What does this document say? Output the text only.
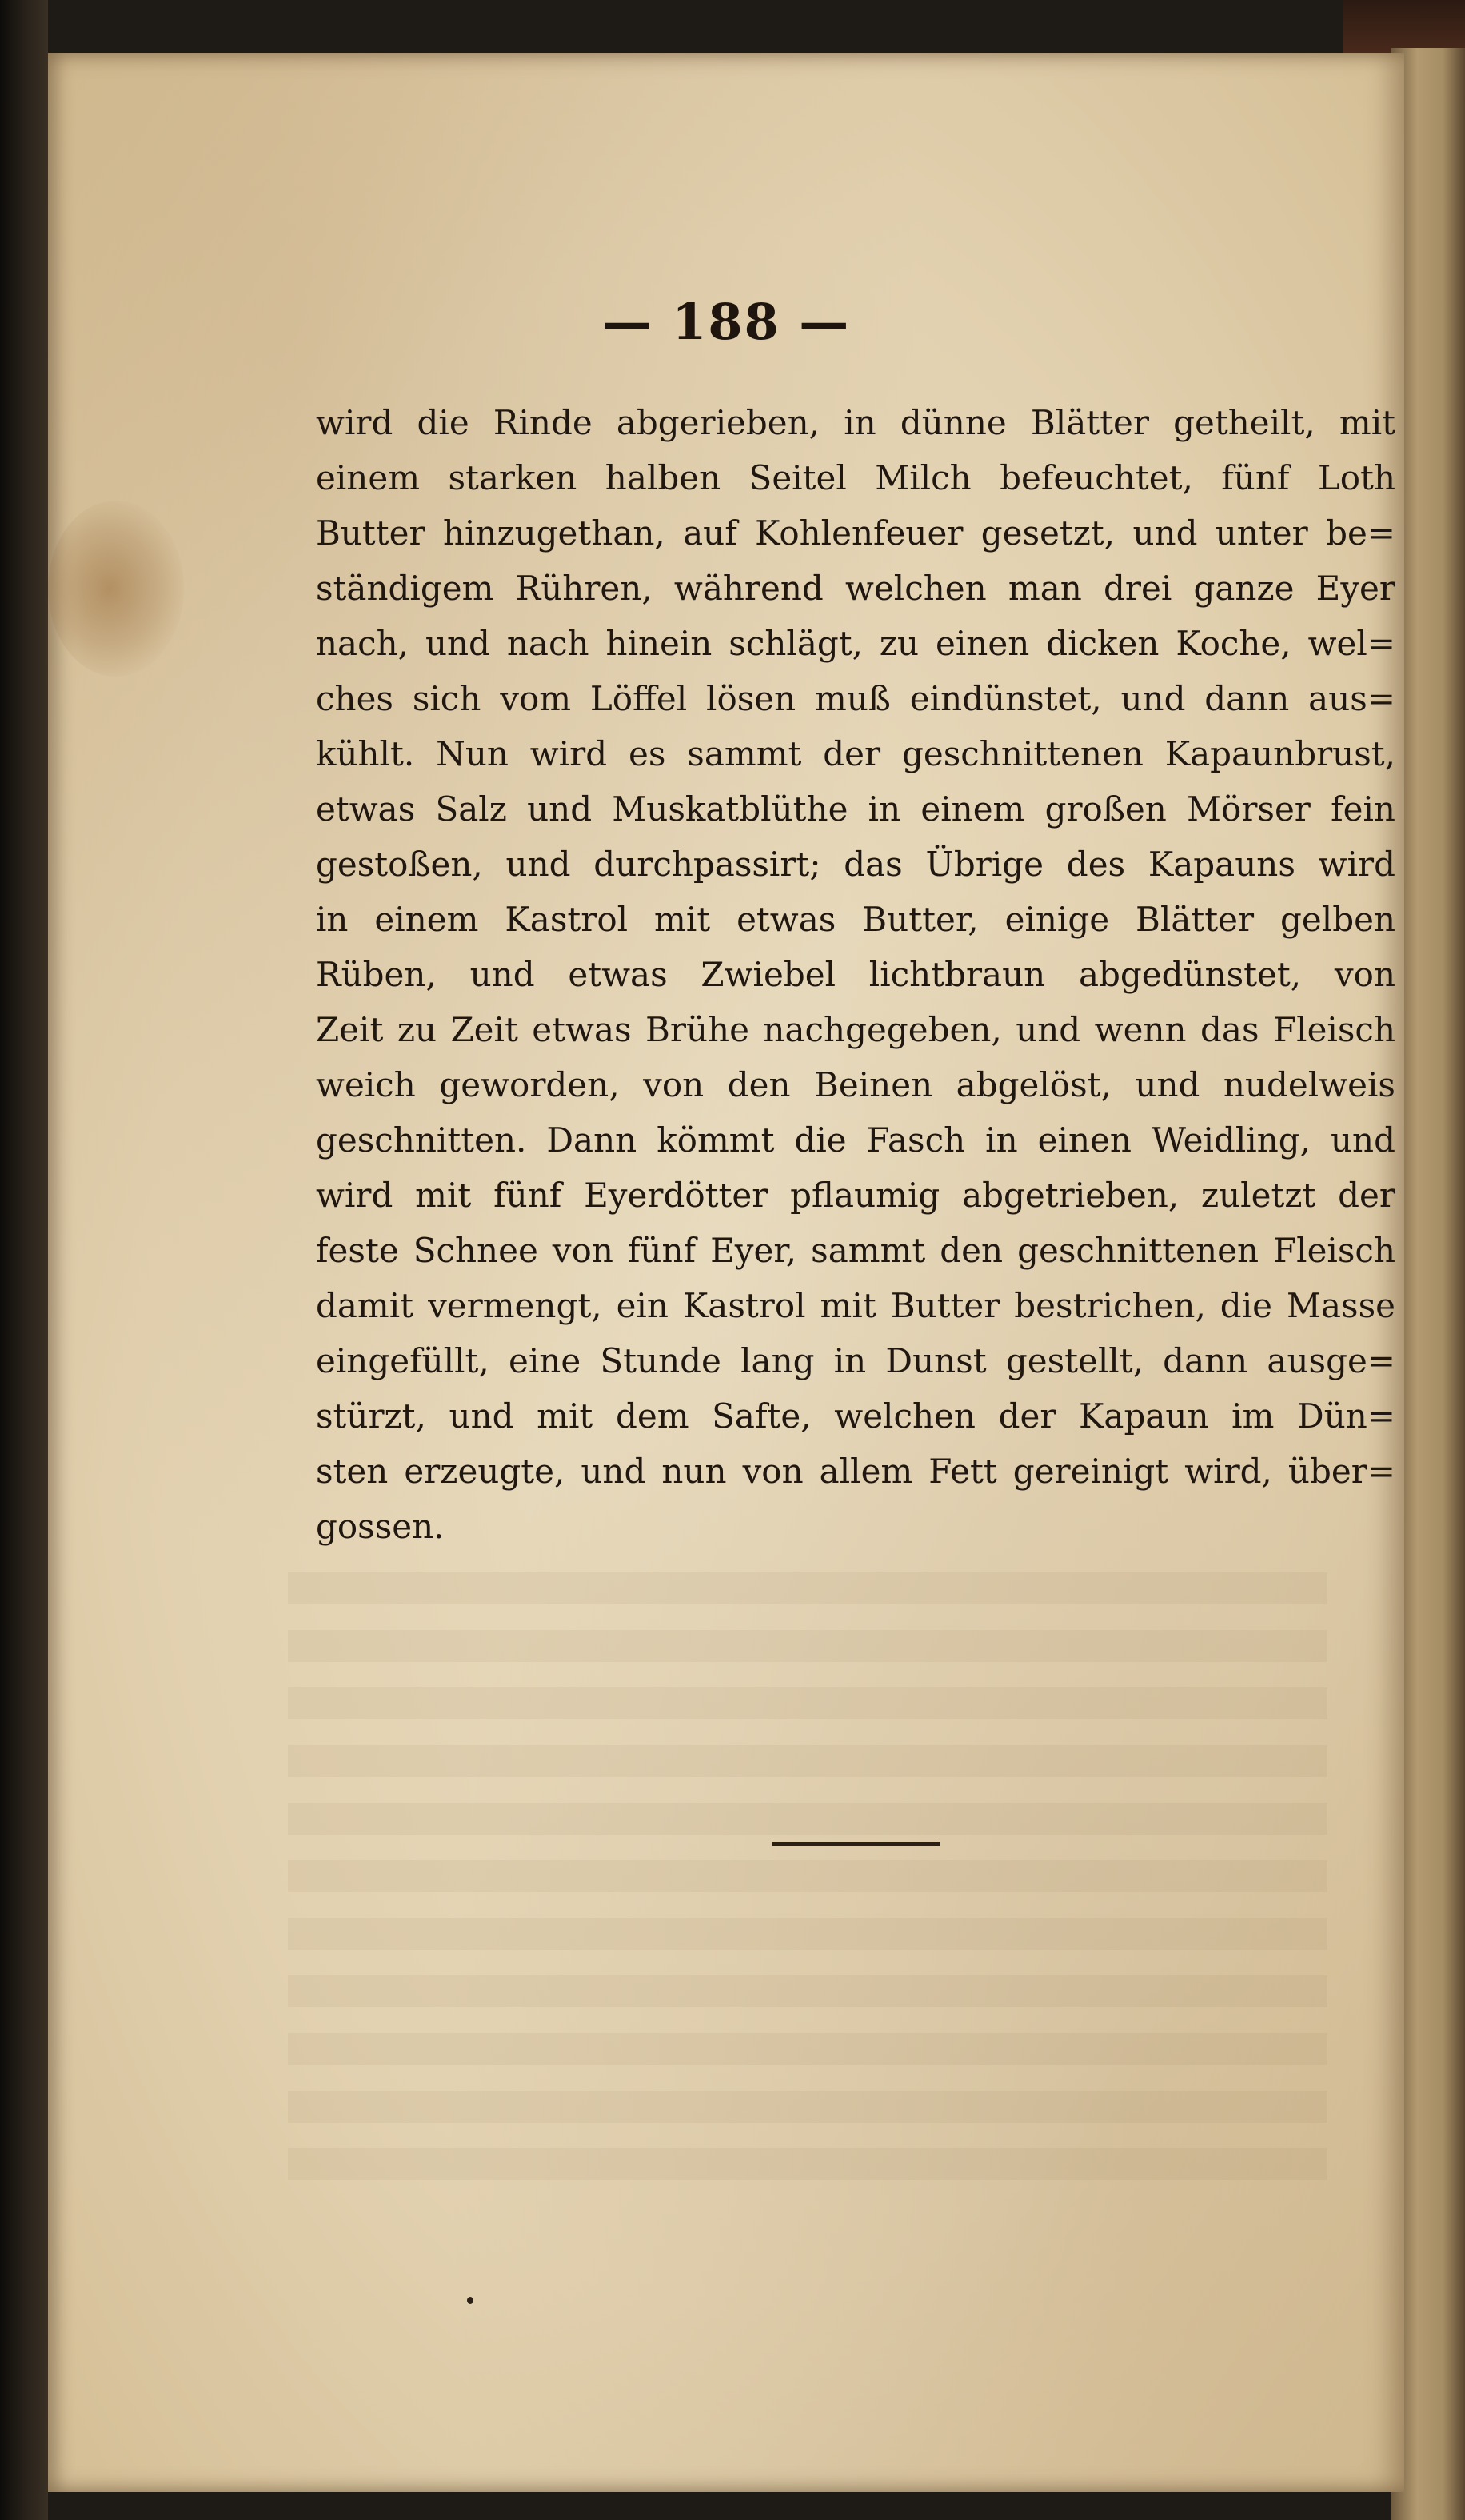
— 188 —
wird die Rinde abgerieben, in dünne Blätter getheilt, mit
einem starken halben Seitel Milch befeuchtet, fünf Loth
Butter hinzugethan, auf Kohlenfeuer gesetzt, und unter be=
ständigem Rühren, während welchen man drei ganze Eyer
nach, und nach hinein schlägt, zu einen dicken Koche, wel=
ches sich vom Löffel lösen muß eindünstet, und dann aus=
kühlt. Nun wird es sammt der geschnittenen Kapaunbrust,
etwas Salz und Muskatblüthe in einem großen Mörser fein
gestoßen, und durchpassirt; das Übrige des Kapauns wird
in einem Kastrol mit etwas Butter, einige Blätter gelben
Rüben, und etwas Zwiebel lichtbraun abgedünstet, von
Zeit zu Zeit etwas Brühe nachgegeben, und wenn das Fleisch
weich geworden, von den Beinen abgelöst, und nudelweis
geschnitten. Dann kömmt die Fasch in einen Weidling, und
wird mit fünf Eyerdötter pflaumig abgetrieben, zuletzt der
feste Schnee von fünf Eyer, sammt den geschnittenen Fleisch
damit vermengt, ein Kastrol mit Butter bestrichen, die Masse
eingefüllt, eine Stunde lang in Dunst gestellt, dann ausge=
stürzt, und mit dem Safte, welchen der Kapaun im Dün=
sten erzeugte, und nun von allem Fett gereinigt wird, über=
gossen.
